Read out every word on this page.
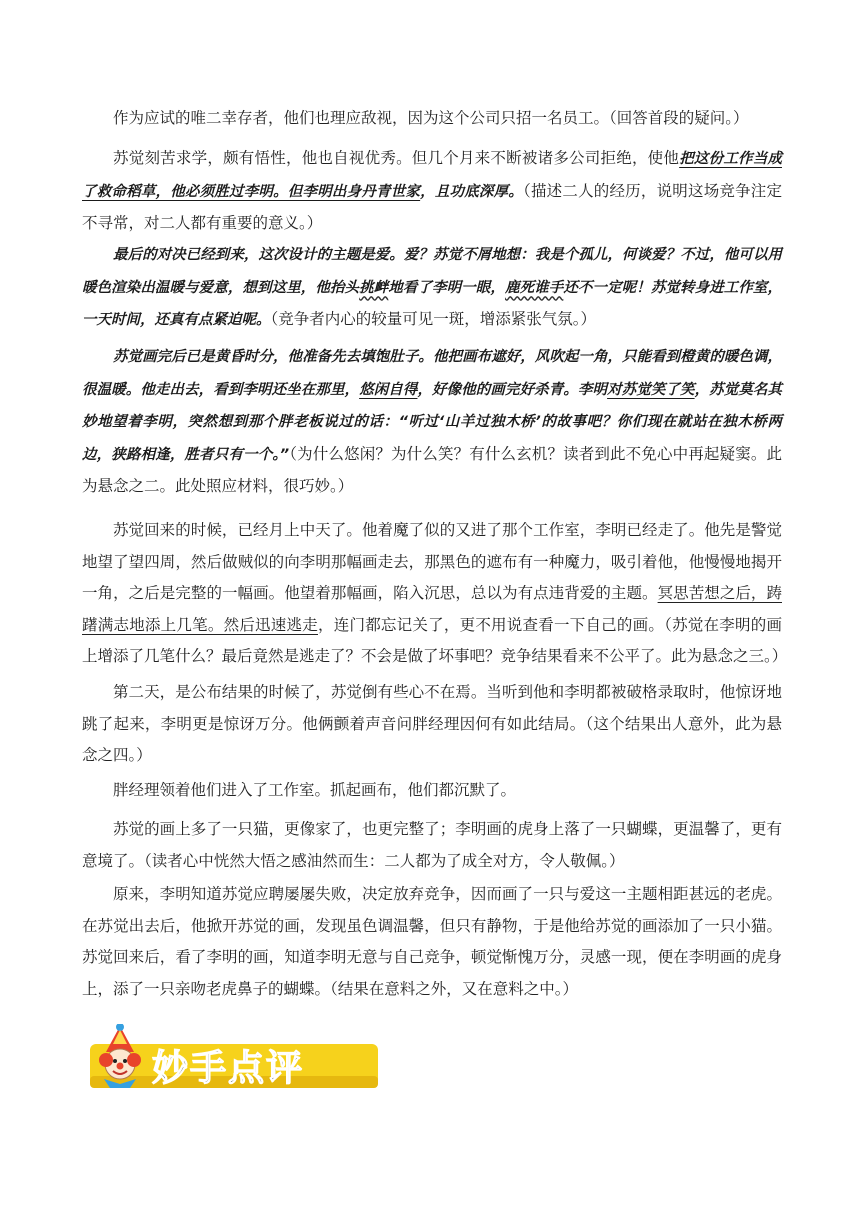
作为应试的唯二幸存者，他们也理应敌视，因为这个公司只招一名员工。（回答首段的疑问。）

苏觉刻苦求学，颇有悟性，他也自视优秀。但几个月来不断被诸多公司拒绝，使他把这份工作当成了救命稻草，他必须胜过李明。但李明出身丹青世家，且功底深厚。（描述二人的经历，说明这场竞争注定不寻常，对二人都有重要的意义。）

最后的对决已经到来，这次设计的主题是爱。爱？苏觉不屑地想：我是个孤儿，何谈爱？不过，他可以用暖色渲染出温暖与爱意，想到这里，他抬头挑衅地看了李明一眼，鹿死谁手还不一定呢！苏觉转身进工作室，一天时间，还真有点紧迫呢。（竞争者内心的较量可见一斑，增添紧张气氛。）

苏觉画完后已是黄昏时分，他准备先去填饱肚子。他把画布遮好，风吹起一角，只能看到橙黄的暖色调，很温暖。他走出去，看到李明还坐在那里，悠闲自得，好像他的画完好杀青。李明对苏觉笑了笑，苏觉莫名其妙地望着李明，突然想到那个胖老板说过的话：“听过‘山羊过独木桥’的故事吧？你们现在就站在独木桥两边，狭路相逢，胜者只有一个。”（为什么悠闲？为什么笑？有什么玄机？读者到此不免心中再起疑窦。此为悬念之二。此处照应材料，很巧妙。）

苏觉回来的时候，已经月上中天了。他着魔了似的又进了那个工作室，李明已经走了。他先是警觉地望了望四周，然后做贼似的向李明那幅画走去，那黑色的遮布有一种魔力，吸引着他，他慢慢地揭开一角，之后是完整的一幅画。他望着那幅画，陷入沉思，总以为有点违背爱的主题。冥思苦想之后，踌躇满志地添上几笔。然后迅速逃走，连门都忘记关了，更不用说查看一下自己的画。（苏觉在李明的画上增添了几笔什么？最后竟然是逃走了？不会是做了坏事吧？竞争结果看来不公平了。此为悬念之三。）

第二天，是公布结果的时候了，苏觉倒有些心不在焉。当听到他和李明都被破格录取时，他惊讶地跳了起来，李明更是惊讶万分。他俩颤着声音问胖经理因何有如此结局。（这个结果出人意外，此为悬念之四。）

胖经理领着他们进入了工作室。抓起画布，他们都沉默了。

苏觉的画上多了一只猫，更像家了，也更完整了；李明画的虎身上落了一只蝴蝶，更温馨了，更有意境了。（读者心中恍然大悟之感油然而生：二人都为了成全对方，令人敬佩。）

原来，李明知道苏觉应聘屡屡失败，决定放弃竞争，因而画了一只与爱这一主题相距甚远的老虎。在苏觉出去后，他掀开苏觉的画，发现虽色调温馨，但只有静物，于是他给苏觉的画添加了一只小猫。苏觉回来后，看了李明的画，知道李明无意与自己竞争，顿觉惭愧万分，灵感一现，便在李明画的虎身上，添了一只亲吻老虎鼻子的蝴蝶。（结果在意料之外，又在意料之中。）

妙手点评
